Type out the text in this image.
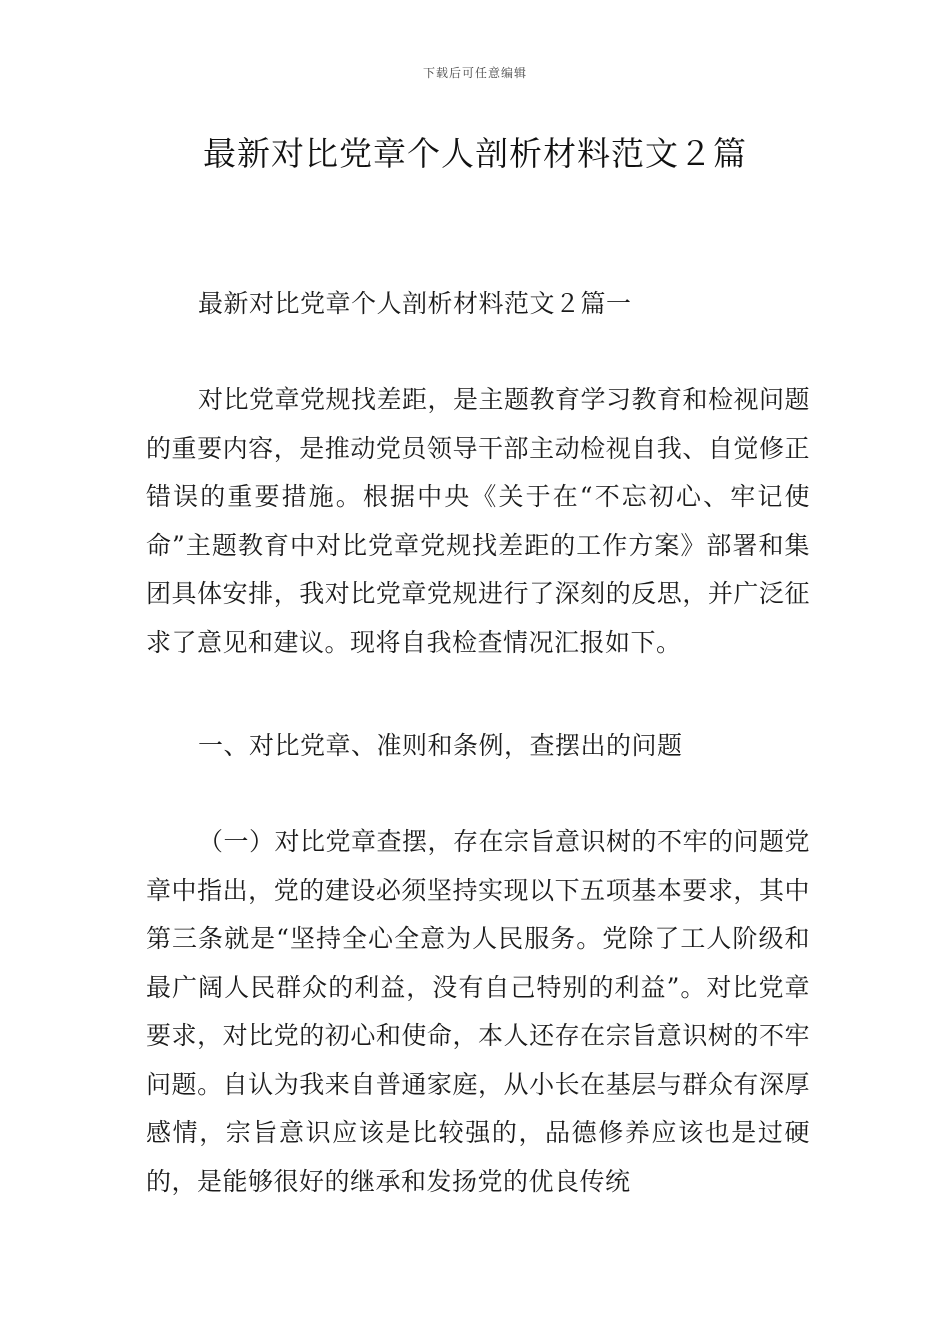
下载后可任意编辑
最新对比党章个人剖析材料范文２篇
最新对比党章个人剖析材料范文２篇一
对比党章党规找差距，是主题教育学习教育和检视问题的重要内容，是推动党员领导干部主动检视自我、自觉修正错误的重要措施。根据中央《关于在“不忘初心、牢记使命”主题教育中对比党章党规找差距的工作方案》部署和集团具体安排，我对比党章党规进行了深刻的反思，并广泛征求了意见和建议。现将自我检查情况汇报如下。
一、对比党章、准则和条例，查摆出的问题
（一）对比党章查摆，存在宗旨意识树的不牢的问题党章中指出，党的建设必须坚持实现以下五项基本要求，其中第三条就是“坚持全心全意为人民服务。党除了工人阶级和最广阔人民群众的利益，没有自己特别的利益”。对比党章要求，对比党的初心和使命，本人还存在宗旨意识树的不牢问题。自认为我来自普通家庭，从小长在基层与群众有深厚感情，宗旨意识应该是比较强的，品德修养应该也是过硬的，是能够很好的继承和发扬党的优良传统
